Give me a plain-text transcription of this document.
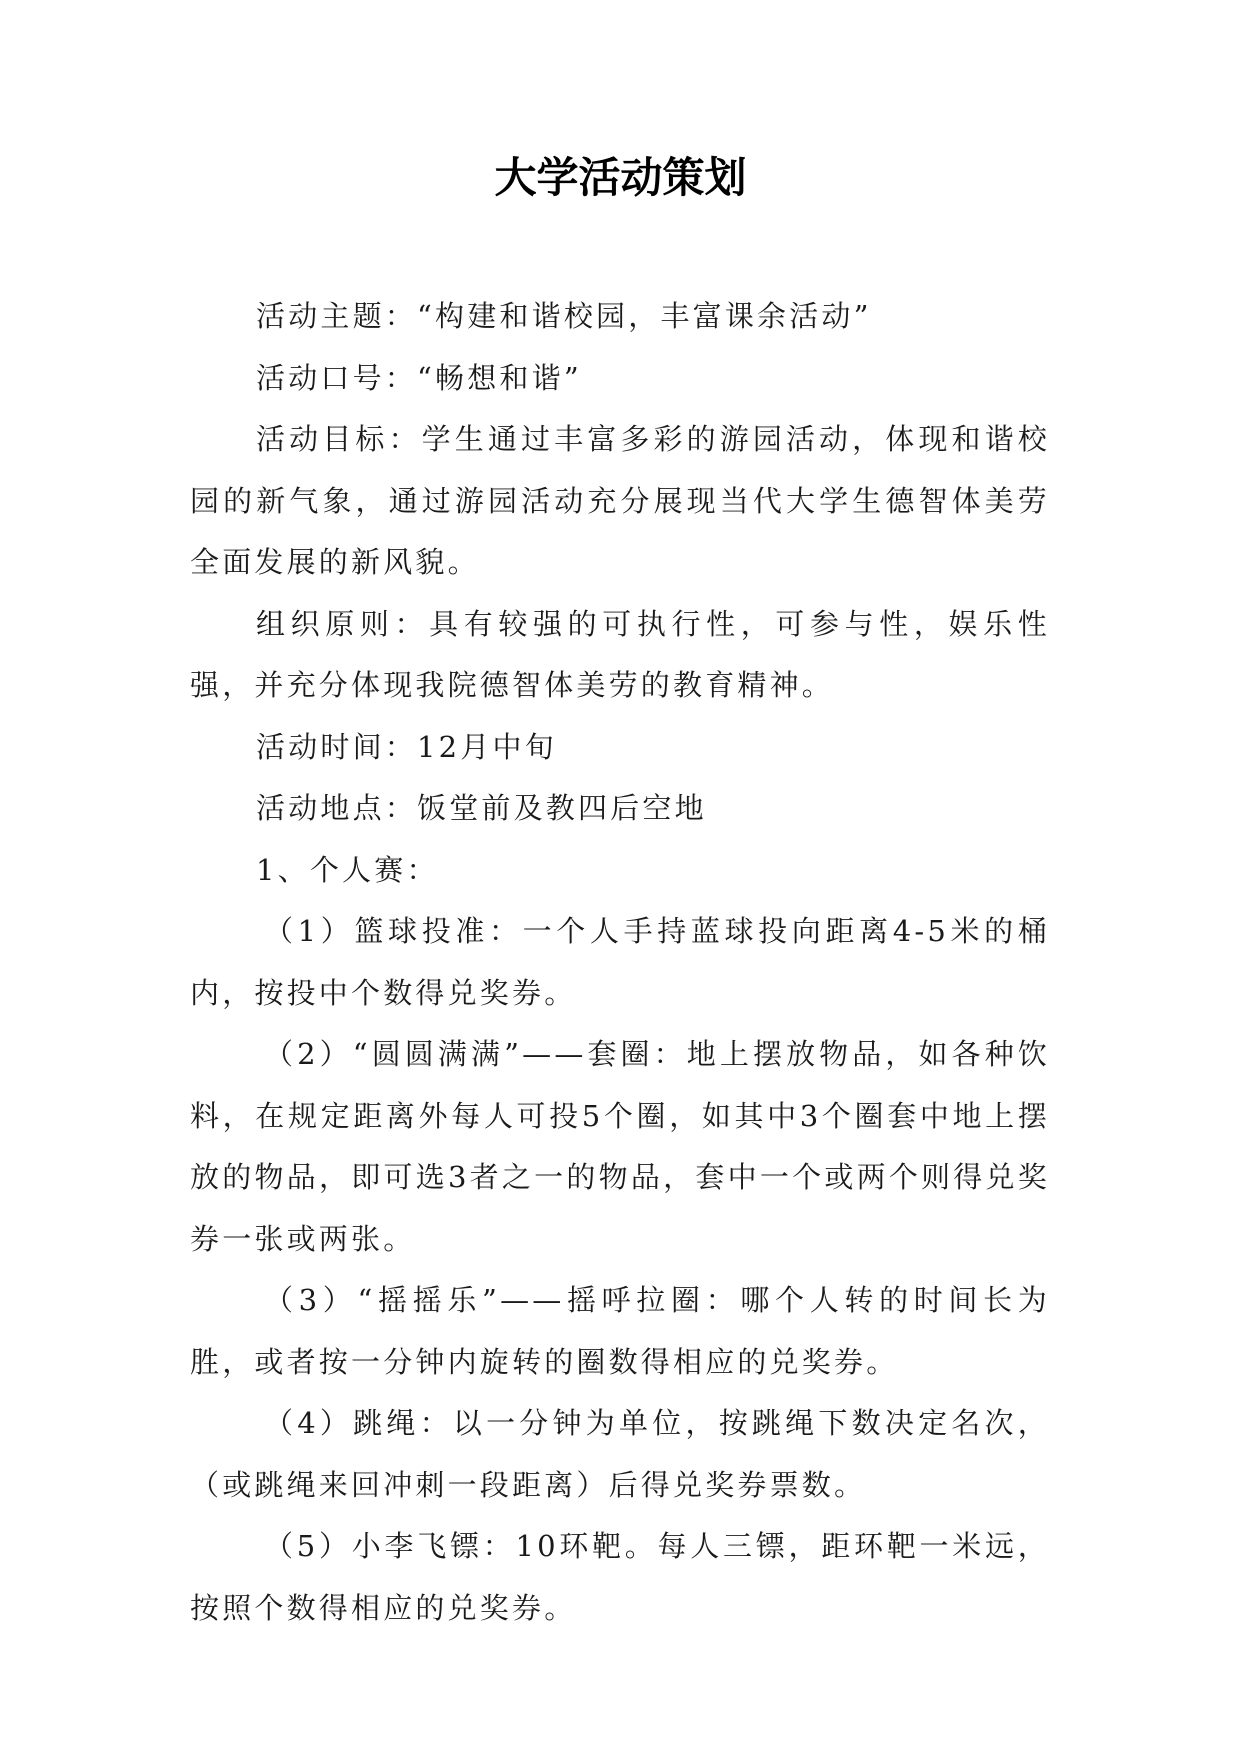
大学活动策划

活动主题：“构建和谐校园，丰富课余活动”

活动口号：“畅想和谐”

活动目标：学生通过丰富多彩的游园活动，体现和谐校园的新气象，通过游园活动充分展现当代大学生德智体美劳全面发展的新风貌。

组织原则：具有较强的可执行性，可参与性，娱乐性强，并充分体现我院德智体美劳的教育精神。

活动时间：12月中旬

活动地点：饭堂前及教四后空地

1、个人赛：

（1）篮球投准：一个人手持蓝球投向距离4-5米的桶内，按投中个数得兑奖券。

（2）“圆圆满满”——套圈：地上摆放物品，如各种饮料，在规定距离外每人可投5个圈，如其中3个圈套中地上摆放的物品，即可选3者之一的物品，套中一个或两个则得兑奖券一张或两张。

（3）“摇摇乐”——摇呼拉圈：哪个人转的时间长为胜，或者按一分钟内旋转的圈数得相应的兑奖券。

（4）跳绳：以一分钟为单位，按跳绳下数决定名次，（或跳绳来回冲刺一段距离）后得兑奖券票数。

（5）小李飞镖：10环靶。每人三镖，距环靶一米远，按照个数得相应的兑奖券。
